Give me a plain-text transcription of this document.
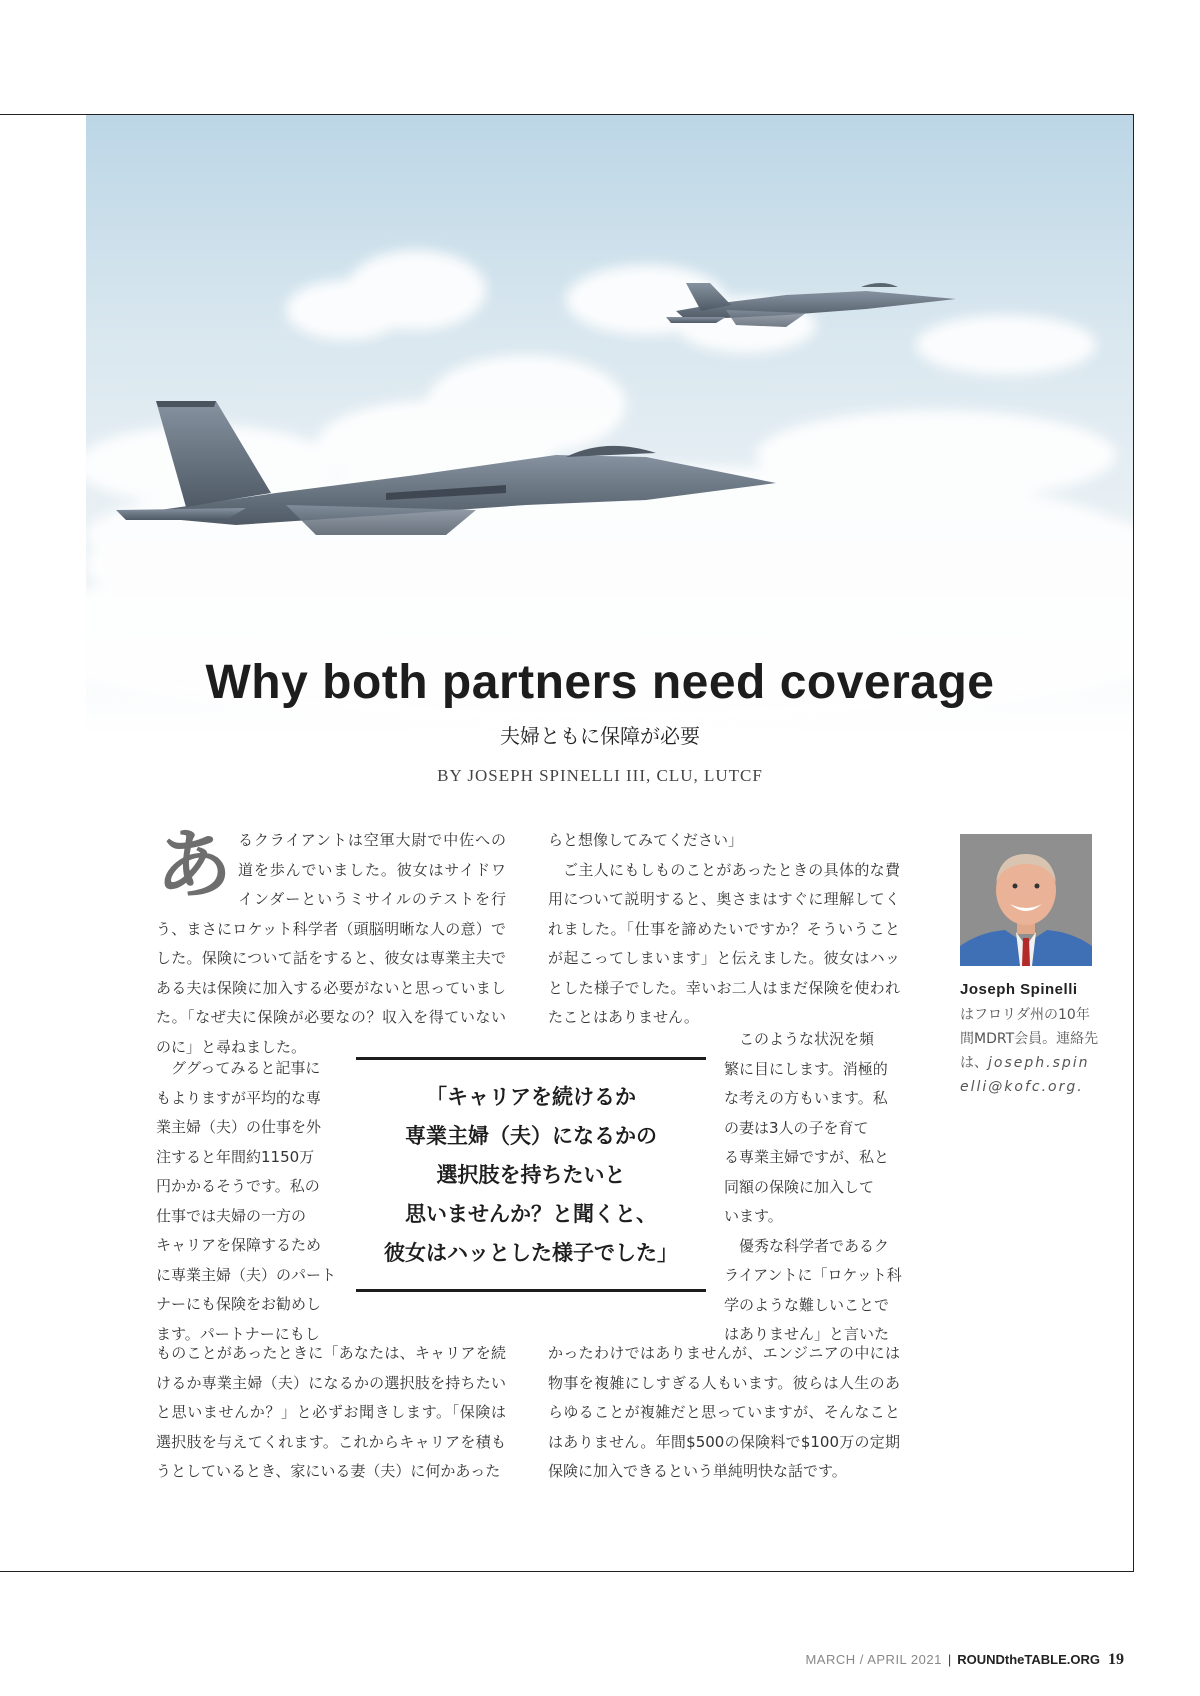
Why both partners need coverage

夫婦ともに保障が必要

BY JOSEPH SPINELLI III, CLU, LUTCF

あ るクライアントは空軍大尉で中佐への道を歩んでいました。彼女はサイドワインダーというミサイルのテストを行う、まさにロケット科学者（頭脳明晰な人の意）でした。保険について話をすると、彼女は専業主夫である夫は保険に加入する必要がないと思っていました。「なぜ夫に保険が必要なの？収入を得ていないのに」と尋ねました。

ググってみると記事に
もよりますが平均的な専
業主婦（夫）の仕事を外
注すると年間約1150万
円かかるそうです。私の
仕事では夫婦の一方の
キャリアを保障するため
に専業主婦（夫）のパート
ナーにも保険をお勧めし
ます。パートナーにもし

ものことがあったときに「あなたは、キャリアを続けるか専業主婦（夫）になるかの選択肢を持ちたいと思いませんか？」と必ずお聞きします。「保険は選択肢を与えてくれます。これからキャリアを積もうとしているとき、家にいる妻（夫）に何かあった

らと想像してみてください」

ご主人にもしものことがあったときの具体的な費用について説明すると、奥さまはすぐに理解してくれました。「仕事を諦めたいですか？そういうことが起こってしまいます」と伝えました。彼女はハッとした様子でした。幸いお二人はまだ保険を使われたことはありません。

このような状況を頻
繁に目にします。消極的
な考えの方もいます。私
の妻は3人の子を育て
る専業主婦ですが、私と
同額の保険に加入して
います。
優秀な科学者であるク
ライアントに「ロケット科
学のような難しいことで
はありません」と言いた

かったわけではありませんが、エンジニアの中には物事を複雑にしすぎる人もいます。彼らは人生のあらゆることが複雑だと思っていますが、そんなことはありません。年間$500の保険料で$100万の定期保険に加入できるという単純明快な話です。

「キャリアを続けるか
専業主婦（夫）になるかの
選択肢を持ちたいと
思いませんか？と聞くと、
彼女はハッとした様子でした」
Joseph Spinelli

はフロリダ州の10年間MDRT会員。連絡先は、joseph.spinelli@kofc.org.

MARCH / APRIL 2021 | ROUNDtheTABLE.ORG 19
